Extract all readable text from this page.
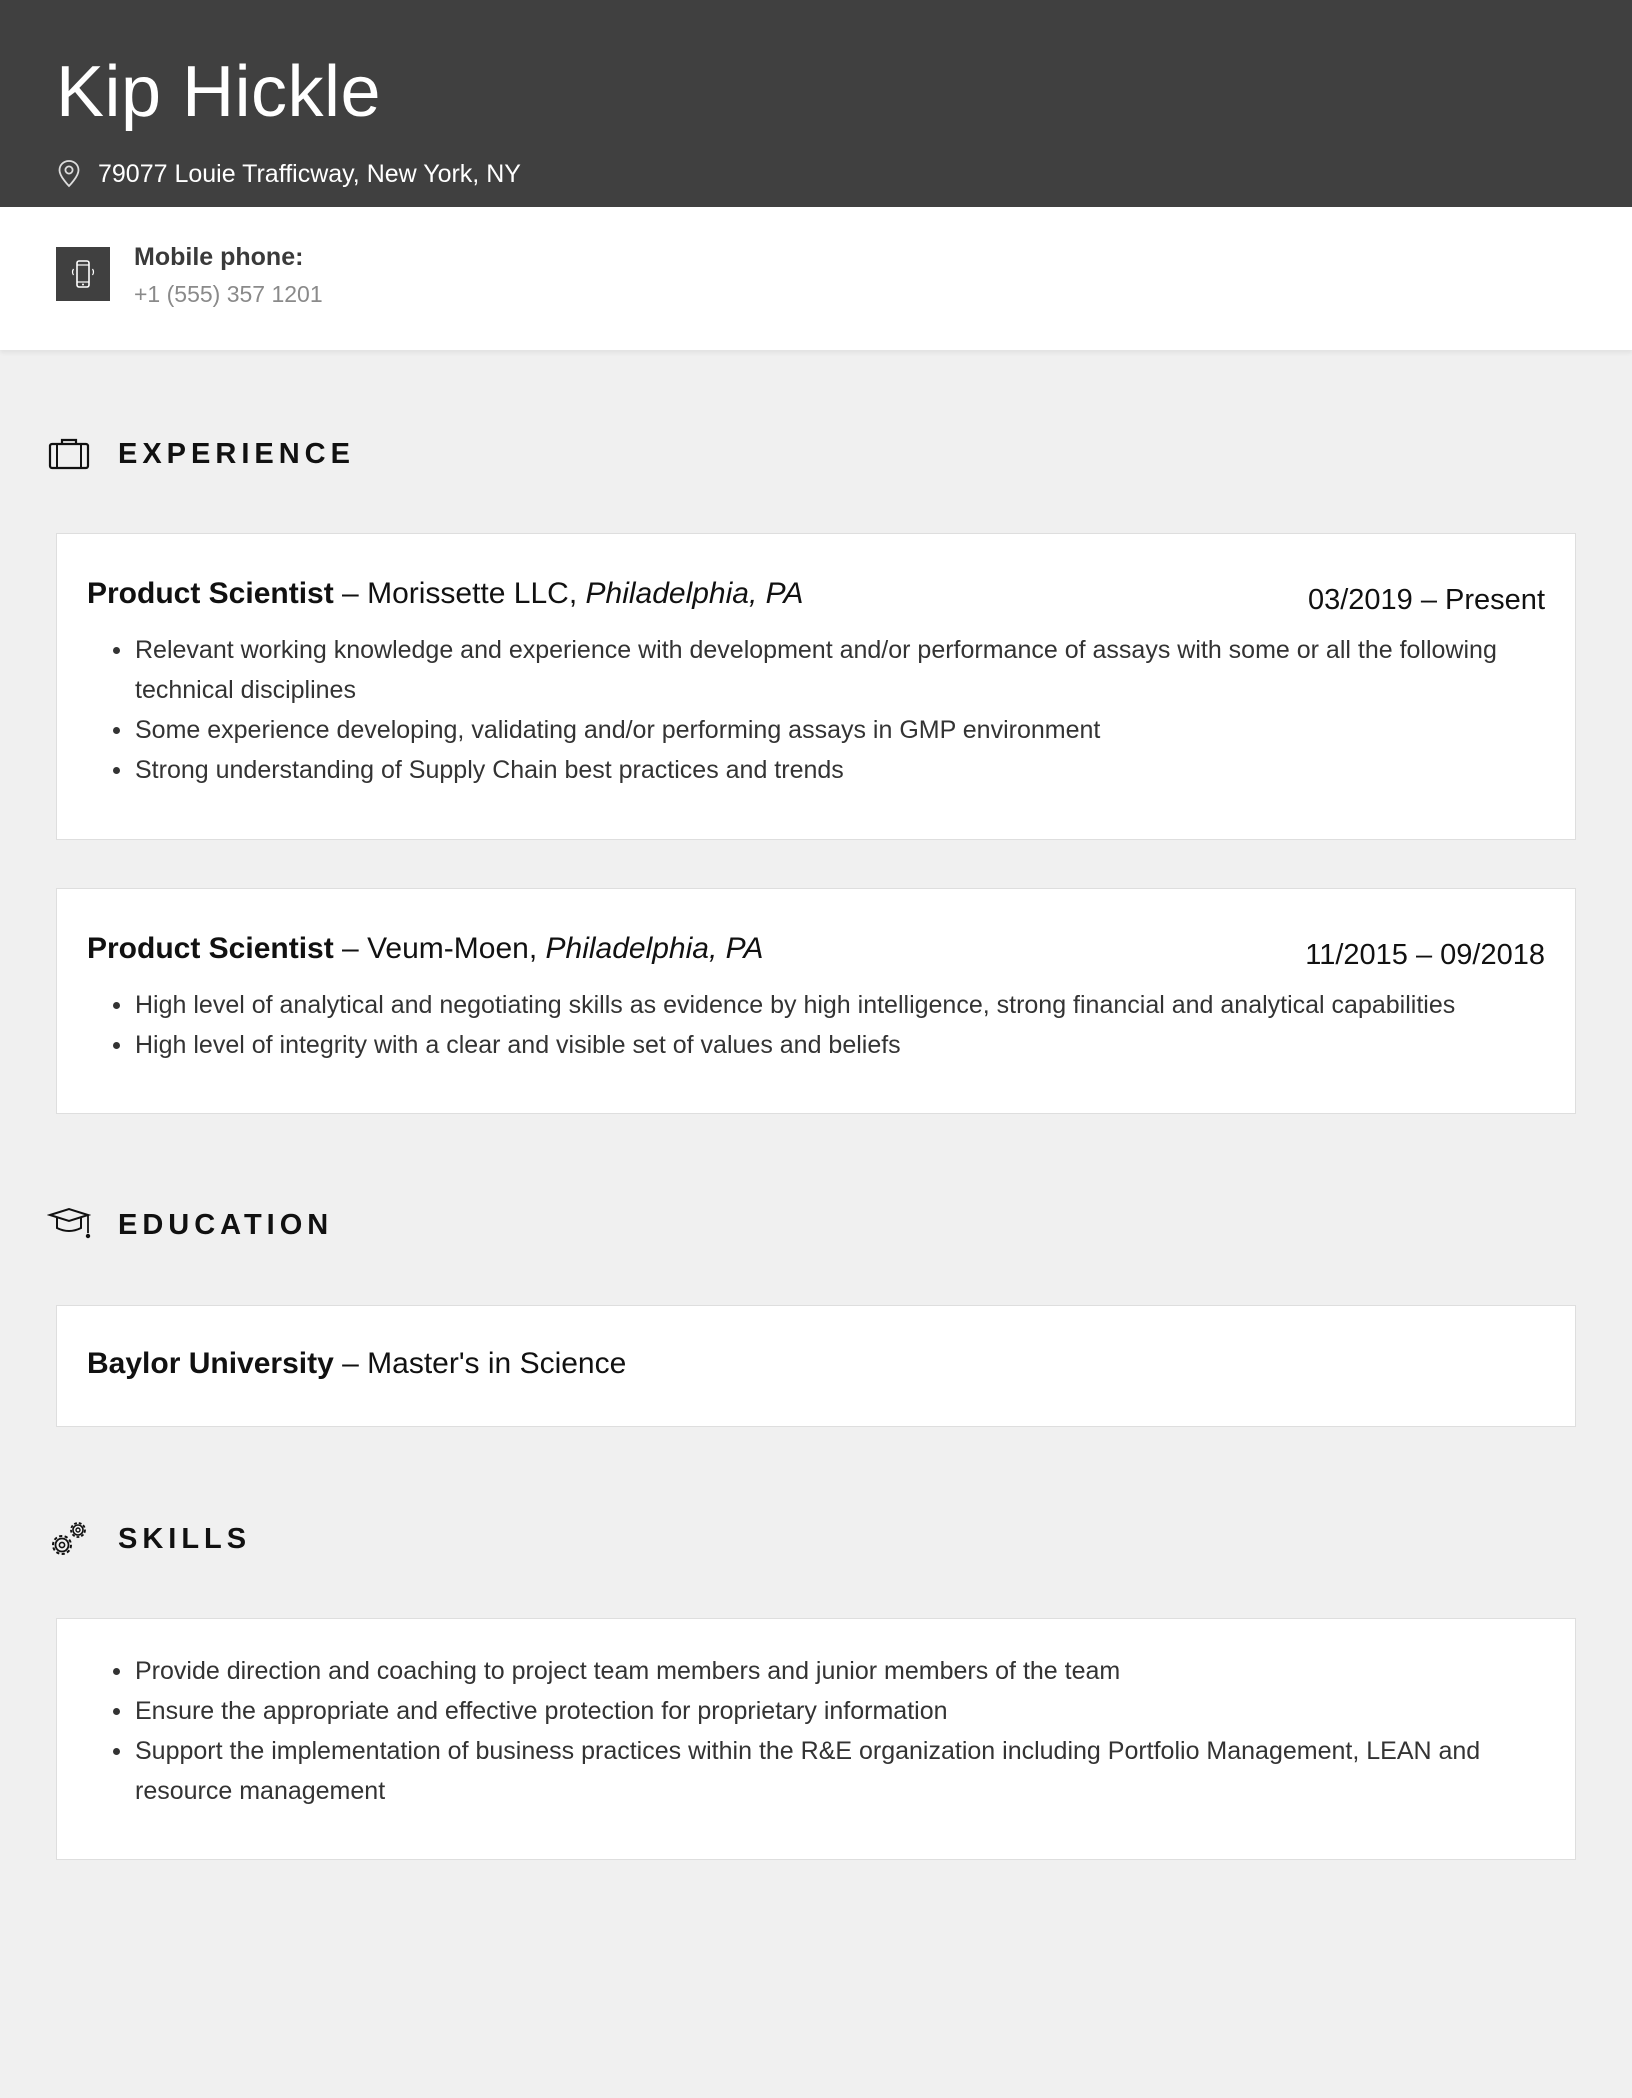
Kip Hickle
79077 Louie Trafficway, New York, NY
Mobile phone:
+1 (555) 357 1201
EXPERIENCE
Product Scientist – Morissette LLC, Philadelphia, PA	03/2019 – Present
Relevant working knowledge and experience with development and/or performance of assays with some or all the following technical disciplines
Some experience developing, validating and/or performing assays in GMP environment
Strong understanding of Supply Chain best practices and trends
Product Scientist – Veum-Moen, Philadelphia, PA	11/2015 – 09/2018
High level of analytical and negotiating skills as evidence by high intelligence, strong financial and analytical capabilities
High level of integrity with a clear and visible set of values and beliefs
EDUCATION
Baylor University – Master's in Science
SKILLS
Provide direction and coaching to project team members and junior members of the team
Ensure the appropriate and effective protection for proprietary information
Support the implementation of business practices within the R&E organization including Portfolio Management, LEAN and resource management
